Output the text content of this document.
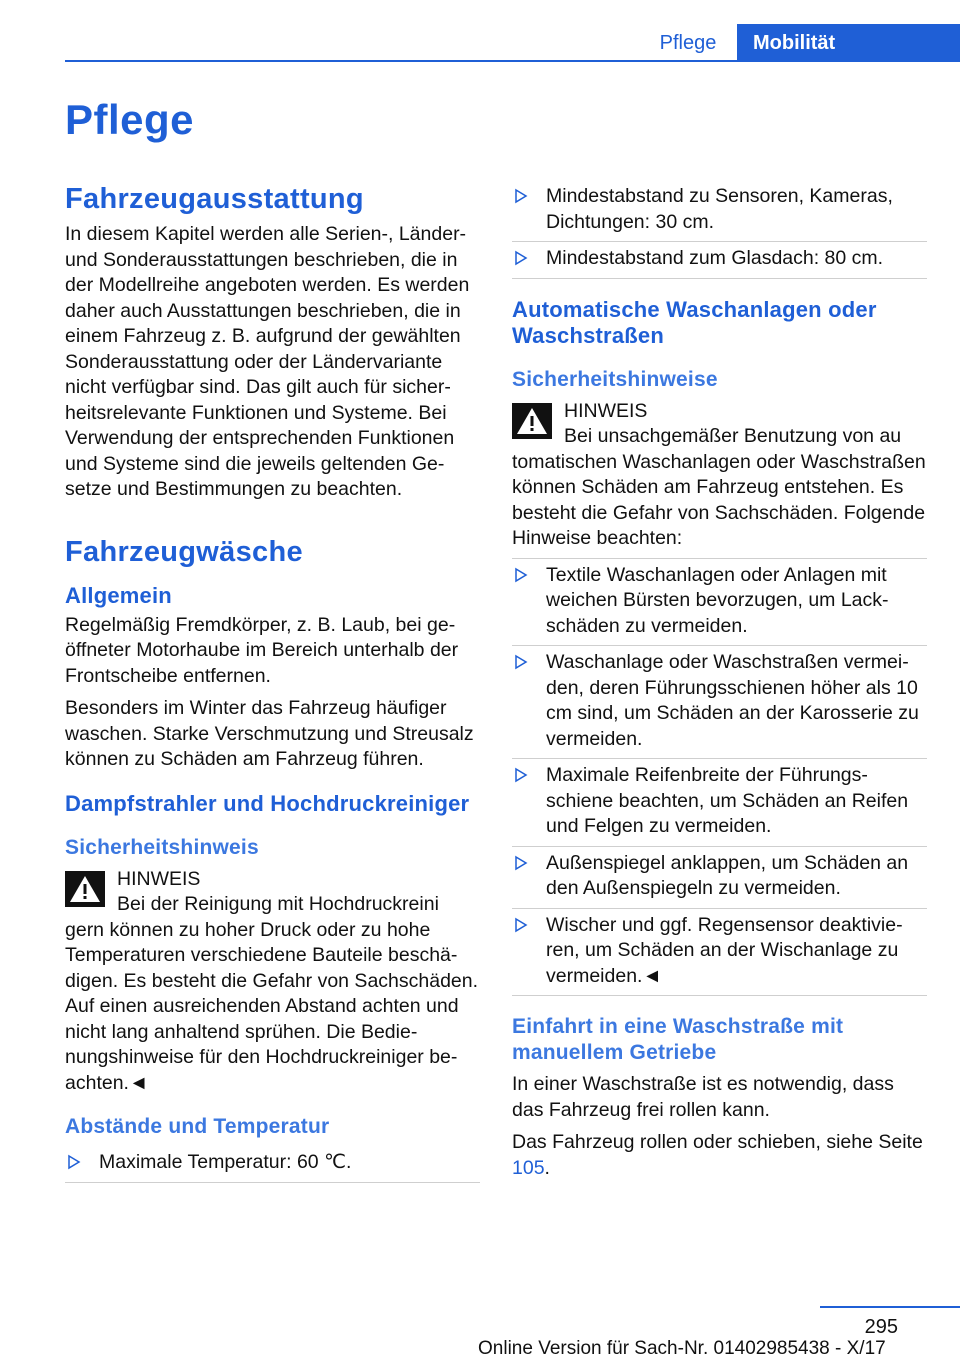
Pflege	Mobilität
Pflege
Fahrzeugausstattung

In diesem Kapitel werden alle Serien-, Länder- und Sonderausstattungen beschrieben, die in der Modellreihe angeboten werden. Es werden daher auch Ausstattungen beschrieben, die in einem Fahrzeug z. B. aufgrund der gewählten Sonderausstattung oder der Ländervariante nicht verfügbar sind. Das gilt auch für sicherheitsrelevante Funktionen und Systeme. Bei Verwendung der entsprechenden Funktionen und Systeme sind die jeweils geltenden Gesetze und Bestimmungen zu beachten.

Fahrzeugwäsche
Allgemein

Regelmäßig Fremdkörper, z. B. Laub, bei geöffneter Motorhaube im Bereich unterhalb der Frontscheibe entfernen.

Besonders im Winter das Fahrzeug häufiger waschen. Starke Verschmutzung und Streusalz können zu Schäden am Fahrzeug führen.

Dampfstrahler und Hochdruckreiniger
Sicherheitshinweis
HINWEIS
Bei der Reinigung mit Hochdruckreini
gern können zu hoher Druck oder zu hohe Temperaturen verschiedene Bauteile beschädigen. Es besteht die Gefahr von Sachschäden. Auf einen ausreichenden Abstand achten und nicht lang anhaltend sprühen. Die Bedienungshinweise für den Hochdruckreiniger beachten.◄
Abstände und Temperatur
Maximale Temperatur: 60 ℃.
Mindestabstand zu Sensoren, Kameras, Dichtungen: 30 cm.
Mindestabstand zum Glasdach: 80 cm.
Automatische Waschanlagen oder Waschstraßen
Sicherheitshinweise
HINWEIS
Bei unsachgemäßer Benutzung von au
tomatischen Waschanlagen oder Waschstraßen können Schäden am Fahrzeug entstehen. Es besteht die Gefahr von Sachschäden. Folgende Hinweise beachten:
Textile Waschanlagen oder Anlagen mit weichen Bürsten bevorzugen, um Lackschäden zu vermeiden.
Waschanlage oder Waschstraßen vermeiden, deren Führungsschienen höher als 10 cm sind, um Schäden an der Karosserie zu vermeiden.
Maximale Reifenbreite der Führungsschiene beachten, um Schäden an Reifen und Felgen zu vermeiden.
Außenspiegel anklappen, um Schäden an den Außenspiegeln zu vermeiden.
Wischer und ggf. Regensensor deaktivieren, um Schäden an der Wischanlage zu vermeiden.◄
Einfahrt in eine Waschstraße mit manuellem Getriebe

In einer Waschstraße ist es notwendig, dass das Fahrzeug frei rollen kann.

Das Fahrzeug rollen oder schieben, siehe Seite 105.

295
Online Version für Sach-Nr. 01402985438 - X/17
